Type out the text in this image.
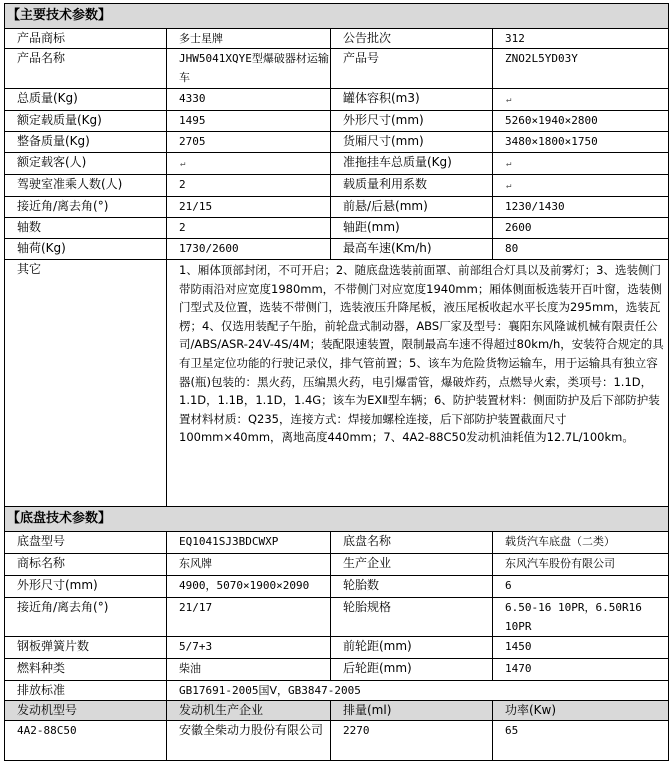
【主要技术参数】			
产品商标	多士星牌	公告批次	312
产品名称	JHW5041XQYE型爆破器材运输车	产品号	ZNO2L5YD03Y
总质量(Kg)	4330	罐体容积(m3)	↵
额定载质量(Kg)	1495	外形尺寸(mm)	5260×1940×2800
整备质量(Kg)	2705	货厢尺寸(mm)	3480×1800×1750
额定载客(人)	↵	准拖挂车总质量(Kg)	↵
驾驶室准乘人数(人)	2	载质量利用系数	↵
接近角/离去角(°)	21/15	前悬/后悬(mm)	1230/1430
轴数	2	轴距(mm)	2600
轴荷(Kg)	1730/2600	最高车速(Km/h)	80
其它	1、厢体顶部封闭，不可开启；2、随底盘选装前面罩、前部组合灯具以及前雾灯；3、选装侧门带防雨沿对应宽度1980mm，不带侧门对应宽度1940mm；厢体侧面板选装开百叶窗，选装侧门型式及位置，选装不带侧门，选装液压升降尾板，液压尾板收起水平长度为295mm，选装瓦楞；4、仅选用装配子午胎，前轮盘式制动器，ABS厂家及型号：襄阳东风隆诚机械有限责任公司/ABS/ASR-24V-4S/4M；装配限速装置，限制最高车速不得超过80km/h，安装符合规定的具有卫星定位功能的行驶记录仪，排气管前置；5、该车为危险货物运输车，用于运输具有独立容器(瓶)包装的：黑火药，压编黑火药，电引爆雷管，爆破炸药，点燃导火索，类项号：1.1D，1.1D，1.1B，1.1D，1.4G；该车为EXⅡ型车辆；6、防护装置材料：侧面防护及后下部防护装置材料材质：Q235，连接方式：焊接加螺栓连接，后下部防护装置截面尺寸100mm×40mm，离地高度440mm；7、4A2-88C50发动机油耗值为12.7L/100km。		
【底盘技术参数】			
底盘型号	EQ1041SJ3BDCWXP	底盘名称	载货汽车底盘（二类）
商标名称	东风牌	生产企业	东风汽车股份有限公司
外形尺寸(mm)	4900，5070×1900×2090	轮胎数	6
接近角/离去角(°)	21/17	轮胎规格	6.50-16 10PR，6.50R16 10PR
钢板弹簧片数	5/7+3	前轮距(mm)	1450
燃料种类	柴油	后轮距(mm)	1470
排放标准	GB17691-2005国Ⅴ，GB3847-2005		
发动机型号	发动机生产企业	排量(ml)	功率(Kw)
4A2-88C50	安徽全柴动力股份有限公司	2270	65
